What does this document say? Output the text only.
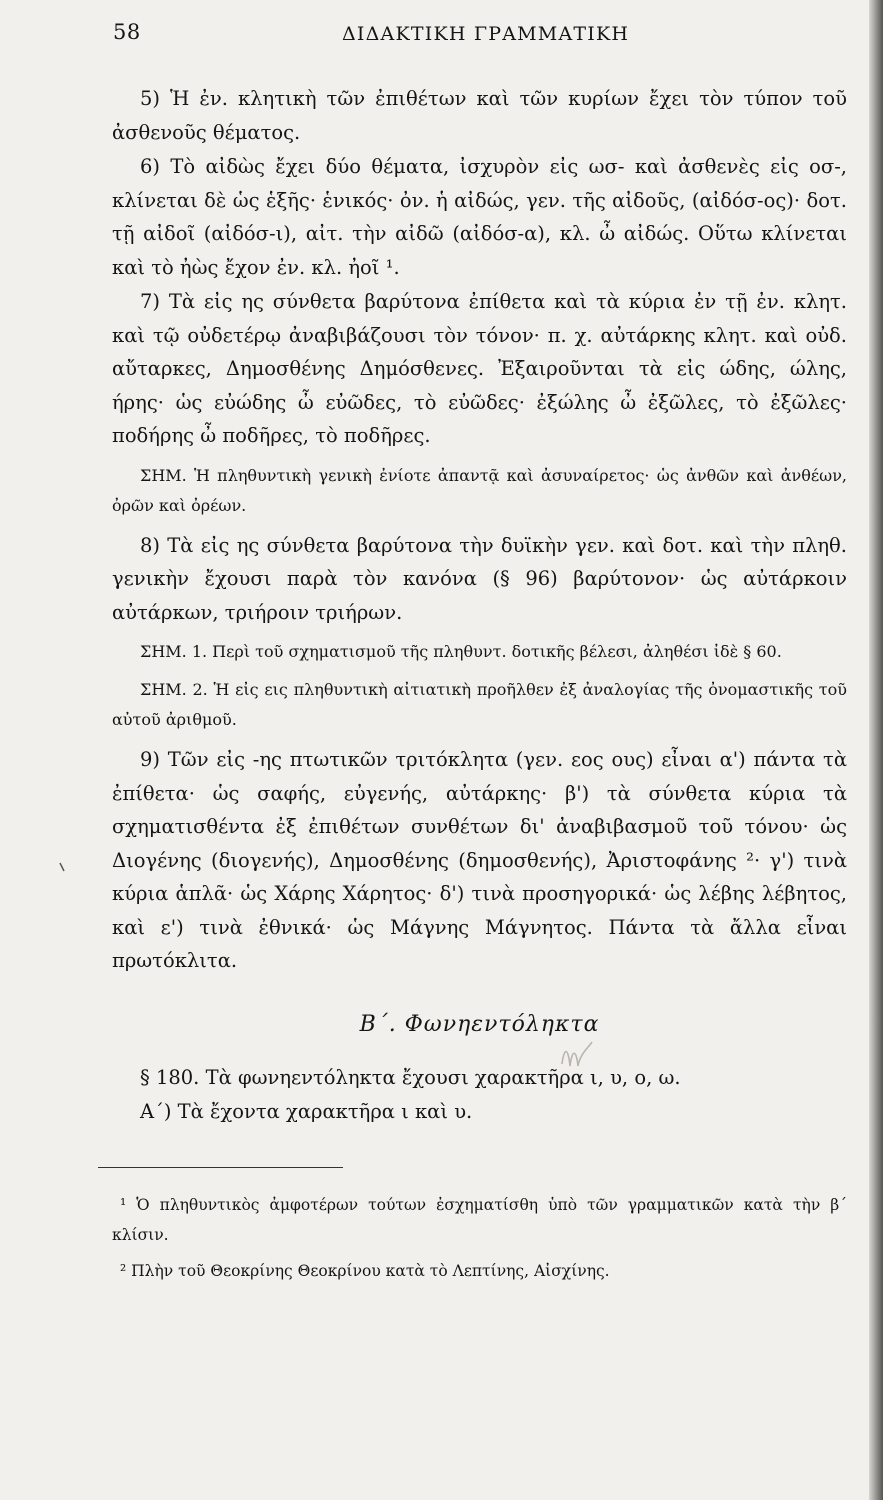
58	ΔΙΔΑΚΤΙΚΗ ΓΡΑΜΜΑΤΙΚΗ

5) Ἡ ἐν. κλητικὴ τῶν ἐπιθέτων καὶ τῶν κυρίων ἔχει τὸν τύπον τοῦ ἀσθενοῦς θέματος.

6) Τὸ αἰδὼς ἔχει δύο θέματα, ἰσχυρὸν εἰς ωσ- καὶ ἀσθενὲς εἰς οσ-, κλίνεται δὲ ὡς ἑξῆς· ἑνικός· ὀν. ἡ αἰδώς, γεν. τῆς αἰδοῦς, (αἰδόσ-ος)· δοτ. τῇ αἰδοῖ (αἰδόσ-ι), αἰτ. τὴν αἰδῶ (αἰδόσ-α), κλ. ὦ αἰδώς. Οὕτω κλίνεται καὶ τὸ ἠὼς ἔχον ἐν. κλ. ἠοῖ ¹.

7) Τὰ εἰς ης σύνθετα βαρύτονα ἐπίθετα καὶ τὰ κύρια ἐν τῇ ἐν. κλητ. καὶ τῷ οὐδετέρῳ ἀναβιβάζουσι τὸν τόνον· π. χ. αὐτάρκης κλητ. καὶ οὐδ. αὔταρκες, Δημοσθένης Δημόσθενες. Ἐξαιροῦνται τὰ εἰς ώδης, ώλης, ήρης· ὡς εὐώδης ὦ εὐῶδες, τὸ εὐῶδες· ἐξώλης ὦ ἐξῶλες, τὸ ἐξῶλες· ποδήρης ὦ ποδῆρες, τὸ ποδῆρες.

ΣΗΜ. Ἡ πληθυντικὴ γενικὴ ἐνίοτε ἀπαντᾷ καὶ ἀσυναίρετος· ὡς ἀνθῶν καὶ ἀνθέων, ὀρῶν καὶ ὀρέων.

8) Τὰ εἰς ης σύνθετα βαρύτονα τὴν δυϊκὴν γεν. καὶ δοτ. καὶ τὴν πληθ. γενικὴν ἔχουσι παρὰ τὸν κανόνα (§ 96) βαρύτονον· ὡς αὐτάρκοιν αὐτάρκων, τριήροιν τριήρων.

ΣΗΜ. 1. Περὶ τοῦ σχηματισμοῦ τῆς πληθυντ. δοτικῆς βέλεσι, ἀληθέσι ἰδὲ § 60.

ΣΗΜ. 2. Ἡ εἰς εις πληθυντικὴ αἰτιατικὴ προῆλθεν ἐξ ἀναλογίας τῆς ὀνομαστικῆς τοῦ αὐτοῦ ἀριθμοῦ.

9) Τῶν εἰς -ης πτωτικῶν τριτόκλητα (γεν. εος ους) εἶναι α') πάντα τὰ ἐπίθετα· ὡς σαφής, εὐγενής, αὐτάρκης· β') τὰ σύνθετα κύρια τὰ σχηματισθέντα ἐξ ἐπιθέτων συνθέτων δι' ἀναβιβασμοῦ τοῦ τόνου· ὡς Διογένης (διογενής), Δημοσθένης (δημοσθενής), Ἀριστοφάνης ²· γ') τινὰ κύρια ἁπλᾶ· ὡς Χάρης Χάρητος· δ') τινὰ προσηγορικά· ὡς λέβης λέβητος, καὶ ε') τινὰ ἐθνικά· ὡς Μάγνης Μάγνητος. Πάντα τὰ ἄλλα εἶναι πρωτόκλιτα.

Β΄. Φωνηεντόληκτα

§ 180. Τὰ φωνηεντόληκτα ἔχουσι χαρακτῆρα ι, υ, ο, ω.

Α΄) Τὰ ἔχοντα χαρακτῆρα ι καὶ υ.

¹ Ὁ πληθυντικὸς ἀμφοτέρων τούτων ἐσχηματίσθη ὑπὸ τῶν γραμματικῶν κατὰ τὴν β΄ κλίσιν.

² Πλὴν τοῦ Θεοκρίνης Θεοκρίνου κατὰ τὸ Λεπτίνης, Αἰσχίνης.
